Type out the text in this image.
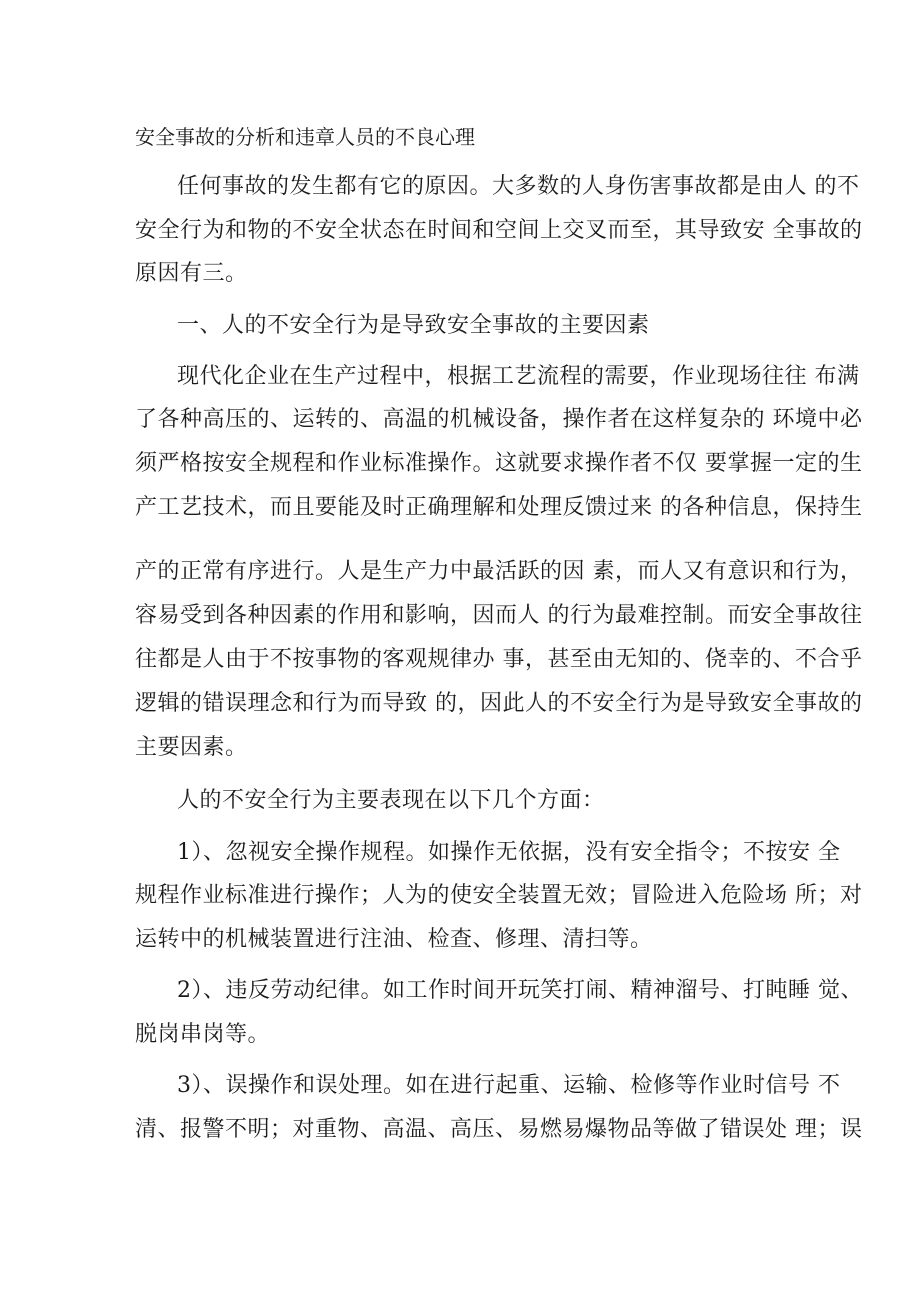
安全事故的分析和违章人员的不良心理
任何事故的发生都有它的原因。大多数的人身伤害事故都是由人 的不
安全行为和物的不安全状态在时间和空间上交叉而至，其导致安 全事故的
原因有三。
一、人的不安全行为是导致安全事故的主要因素
现代化企业在生产过程中，根据工艺流程的需要，作业现场往往 布满
了各种高压的、运转的、高温的机械设备，操作者在这样复杂的 环境中必
须严格按安全规程和作业标准操作。这就要求操作者不仅 要掌握一定的生
产工艺技术，而且要能及时正确理解和处理反馈过来 的各种信息，保持生
产的正常有序进行。人是生产力中最活跃的因 素，而人又有意识和行为，
容易受到各种因素的作用和影响，因而人 的行为最难控制。而安全事故往
往都是人由于不按事物的客观规律办 事，甚至由无知的、侥幸的、不合乎
逻辑的错误理念和行为而导致 的，因此人的不安全行为是导致安全事故的
主要因素。
人的不安全行为主要表现在以下几个方面：
1）、忽视安全操作规程。如操作无依据，没有安全指令；不按安 全
规程作业标准进行操作；人为的使安全装置无效；冒险进入危险场 所；对
运转中的机械装置进行注油、检查、修理、清扫等。
2）、违反劳动纪律。如工作时间开玩笑打闹、精神溜号、打盹睡 觉、
脱岗串岗等。
3）、误操作和误处理。如在进行起重、运输、检修等作业时信号 不
清、报警不明；对重物、高温、高压、易燃易爆物品等做了错误处 理；误
